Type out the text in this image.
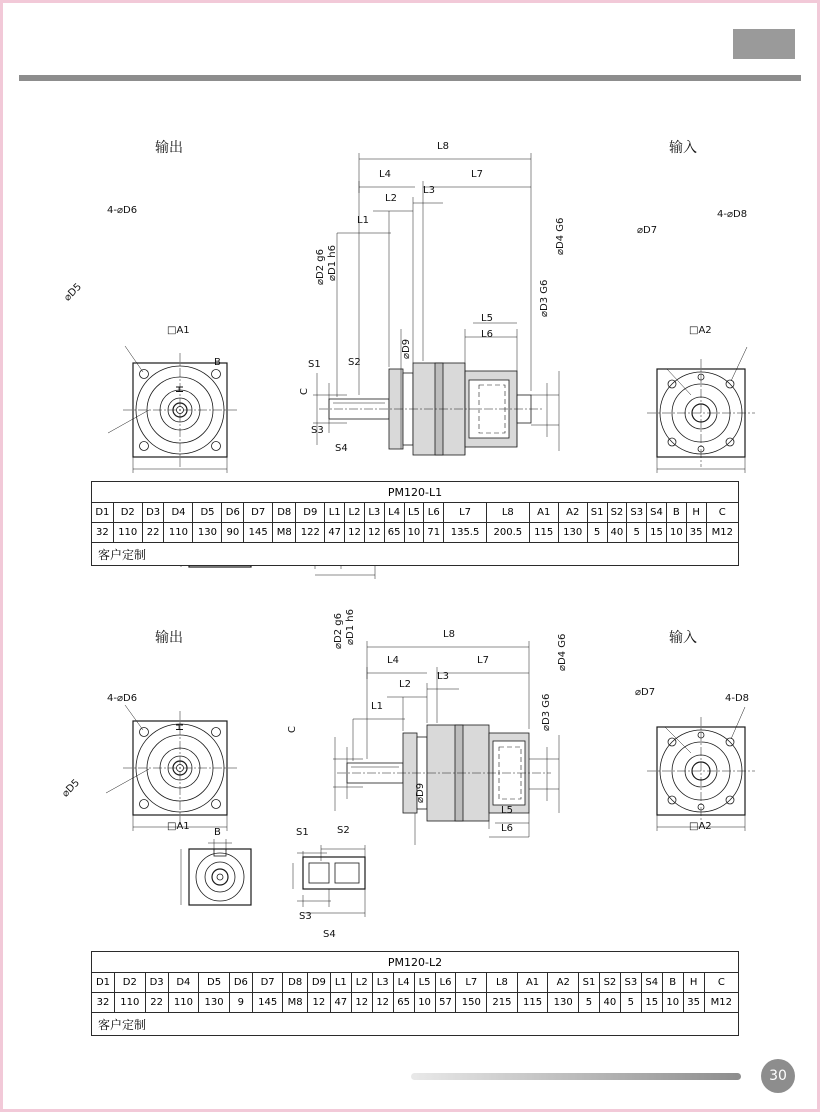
输出	输入
4-⌀D6
⌀D5
□A1
L8
L7
L4
L2
L3
L1
⌀D1 h6
⌀D2 g6
⌀D9
L5
L6
⌀D3 G6
⌀D4 G6
4-⌀D8
⌀D7
□A2
B
H
S1	S2
S3
S4
C
PM120-L1																									
D1	D2	D3	D4	D5	D6	D7	D8	D9	L1	L2	L3	L4	L5	L6	L7	L8	A1	A2	S1	S2	S3	S4	B	H	C
32	110	22	110	130	90	145	M8	122	47	12	12	65	10	71	135.5	200.5	115	130	5	40	5	15	10	35	M12
客户定制																									
输出	输入
4-⌀D6
⌀D5
□A1
L8
L7
L4
L2
L3
L1
⌀D1 h6
⌀D2 g6
⌀D9
L5
L6
⌀D3 G6
⌀D4 G6
4-D8
⌀D7
□A2
B
H
S1	S2
S3
S4
C
PM120-L2																									
D1	D2	D3	D4	D5	D6	D7	D8	D9	L1	L2	L3	L4	L5	L6	L7	L8	A1	A2	S1	S2	S3	S4	B	H	C
32	110	22	110	130	9	145	M8	12	47	12	12	65	10	57	150	215	115	130	5	40	5	15	10	35	M12
客户定制																									
30
